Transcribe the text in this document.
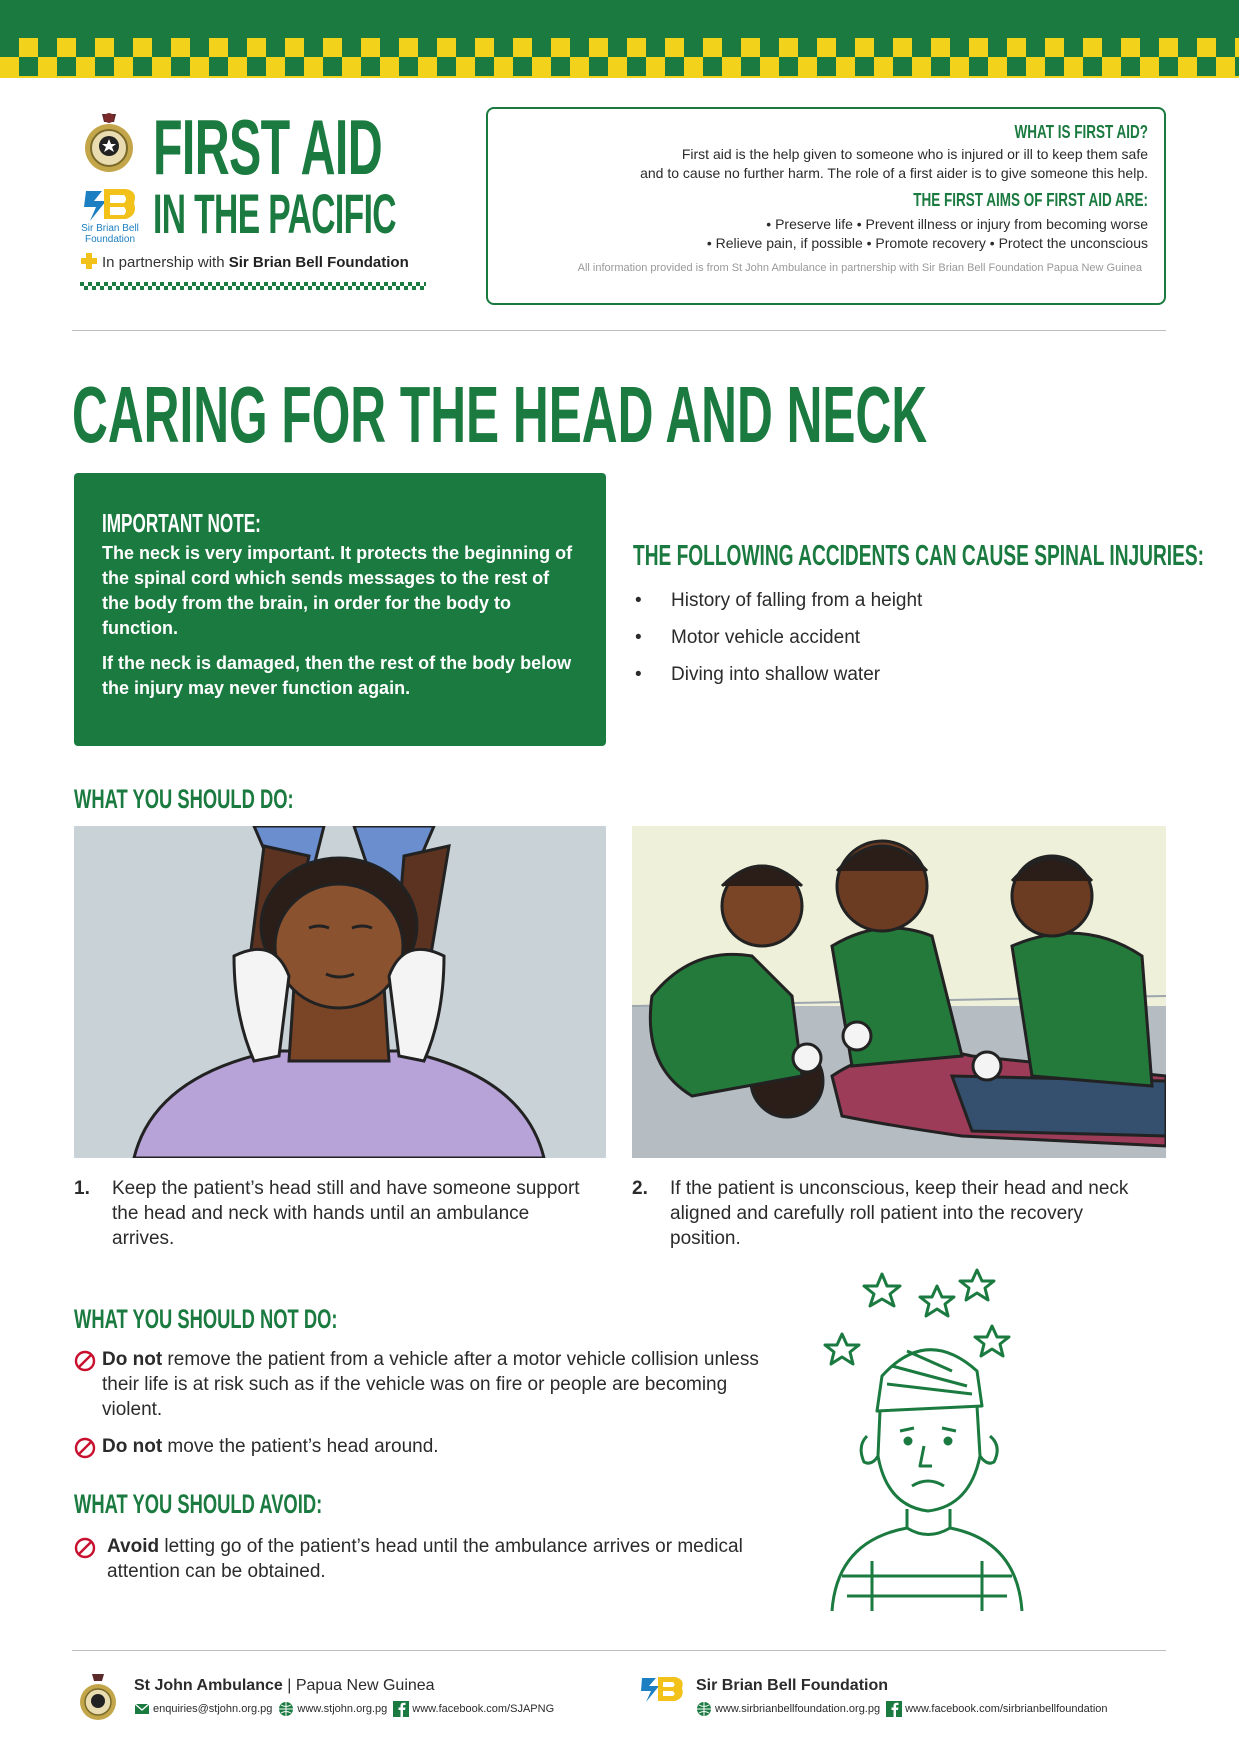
Sir Brian Bell
Foundation
FIRST AID
IN THE PACIFIC
In partnership with Sir Brian Bell Foundation
WHAT IS FIRST AID?
First aid is the help given to someone who is injured or ill to keep them safe
and to cause no further harm. The role of a first aider is to give someone this help.
THE FIRST AIMS OF FIRST AID ARE:
• Preserve life • Prevent illness or injury from becoming worse
• Relieve pain, if possible • Promote recovery • Protect the unconscious
All information provided is from St John Ambulance in partnership with Sir Brian Bell Foundation Papua New Guinea
CARING FOR THE HEAD AND NECK
IMPORTANT NOTE:

The neck is very important. It protects the beginning of the spinal cord which sends messages to the rest of the body from the brain, in order for the body to function.

If the neck is damaged, then the rest of the body below the injury may never function again.

THE FOLLOWING ACCIDENTS CAN CAUSE SPINAL INJURIES:
• History of falling from a height
• Motor vehicle accident
• Diving into shallow water
WHAT YOU SHOULD DO:
1. Keep the patient’s head still and have someone support the head and neck with hands until an ambulance arrives.
2. If the patient is unconscious, keep their head and neck aligned and carefully roll patient into the recovery position.
WHAT YOU SHOULD NOT DO:
Do not remove the patient from a vehicle after a motor vehicle collision unless their life is at risk such as if the vehicle was on fire or people are becoming violent.
Do not move the patient’s head around.
WHAT YOU SHOULD AVOID:
Avoid letting go of the patient’s head until the ambulance arrives or medical attention can be obtained.
St John Ambulance | Papua New Guinea
enquiries@stjohn.org.pg www.stjohn.org.pg www.facebook.com/SJAPNG
Sir Brian Bell Foundation
www.sirbrianbellfoundation.org.pg www.facebook.com/sirbrianbellfoundation
